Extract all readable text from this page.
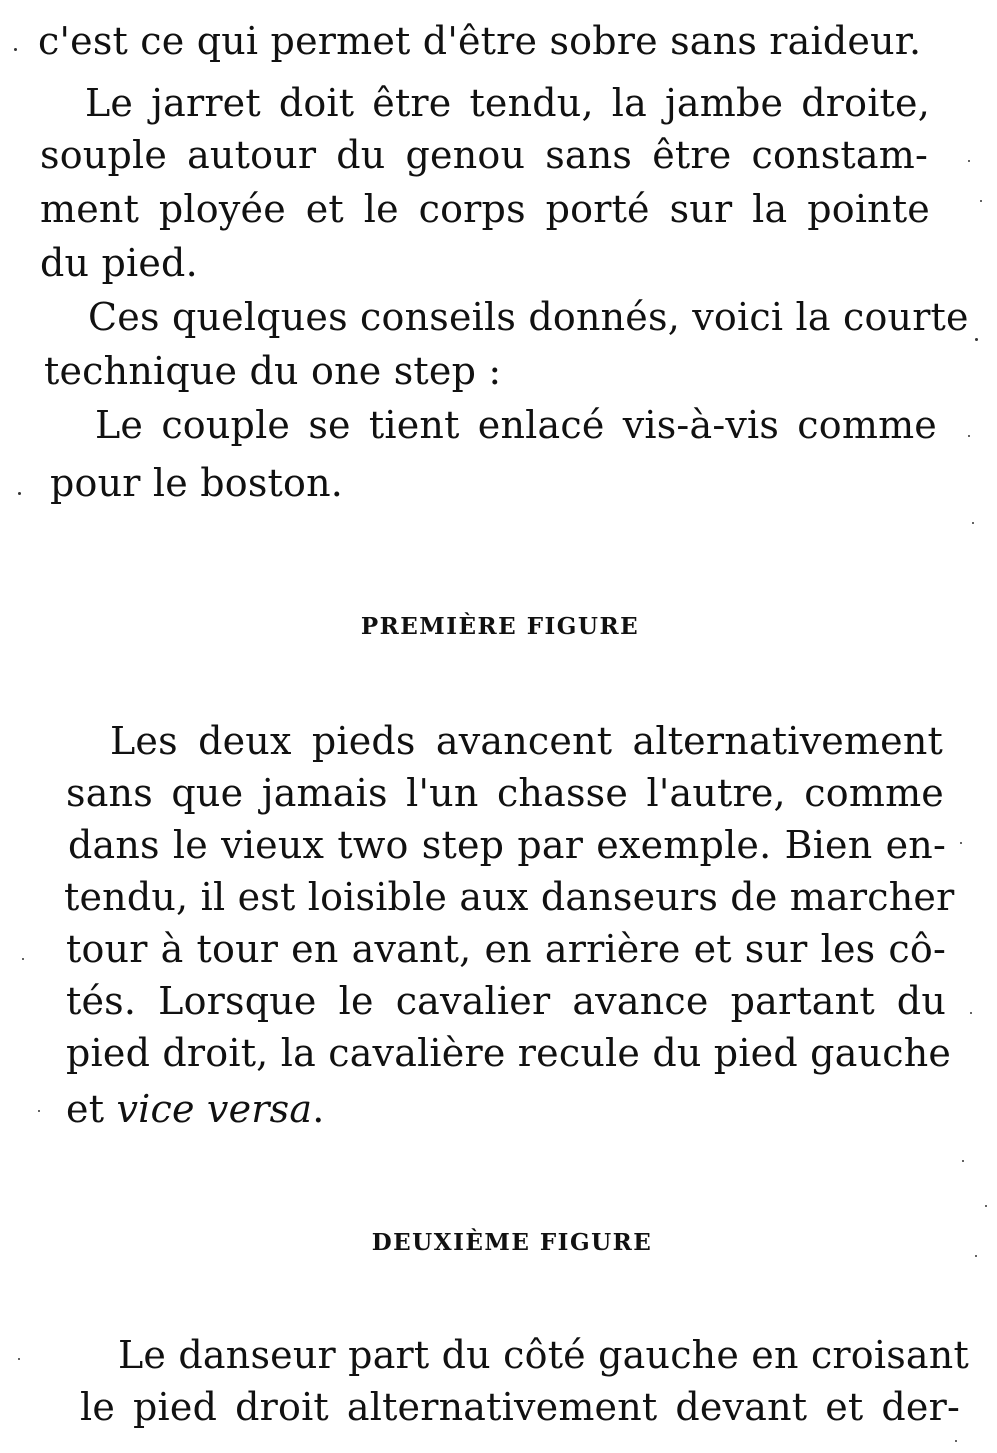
c'est ce qui permet d'être sobre sans raideur.
Le jarret doit être tendu, la jambe droite,
souple autour du genou sans être constam-
ment ployée et le corps porté sur la pointe
du pied.
Ces quelques conseils donnés, voici la courte
technique du one step :
Le couple se tient enlacé vis-à-vis comme
pour le boston.
PREMIÈRE FIGURE
Les deux pieds avancent alternativement
sans que jamais l'un chasse l'autre, comme
dans le vieux two step par exemple. Bien en-
tendu, il est loisible aux danseurs de marcher
tour à tour en avant, en arrière et sur les cô-
tés. Lorsque le cavalier avance partant du
pied droit, la cavalière recule du pied gauche
et vice versa.
DEUXIÈME FIGURE
Le danseur part du côté gauche en croisant
le pied droit alternativement devant et der-
